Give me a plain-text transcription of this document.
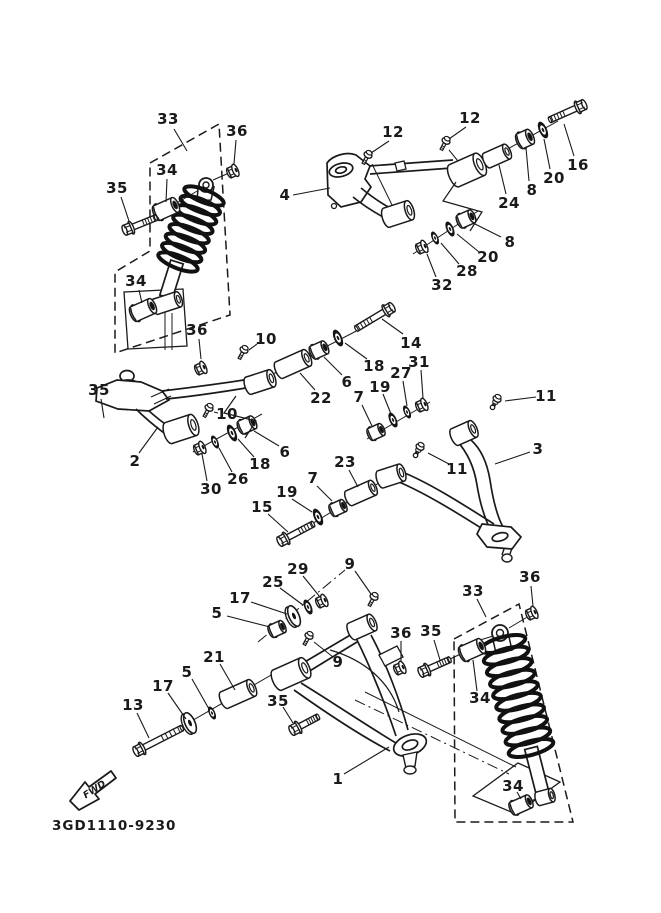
33
36
34
35
34
4
12
12
16
20
8
24
8
20
28
32
14
18 31
27
19
7
6
36	10
22
10
35
2	6
18
26
30
11
3
11
23
7
19
15
29
25
9
17
5
21
5
17
13	35
9
1
36 35
33
36
34
34
FWD
3GD1110-9230
